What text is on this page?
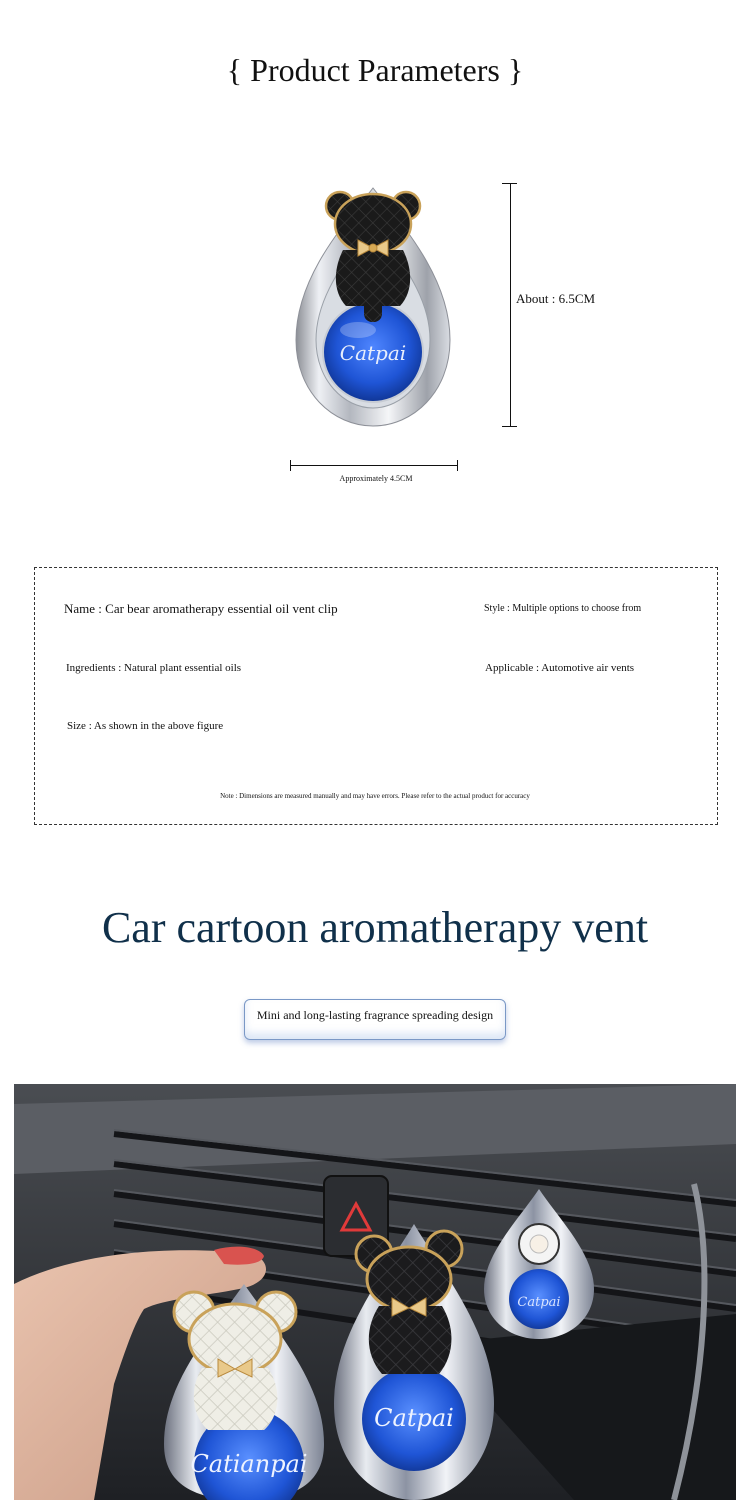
{ Product Parameters }
Catpai
About : 6.5CM
Approximately 4.5CM
Name : Car bear aromatherapy essential oil vent clip	Style : Multiple options to choose from
Ingredients : Natural plant essential oils	Applicable : Automotive air vents
Size : As shown in the above figure
Note : Dimensions are measured manually and may have errors. Please refer to the actual product for accuracy
Car cartoon aromatherapy vent
Mini and long-lasting fragrance spreading design
Catpai
Catpai
Catianpai
